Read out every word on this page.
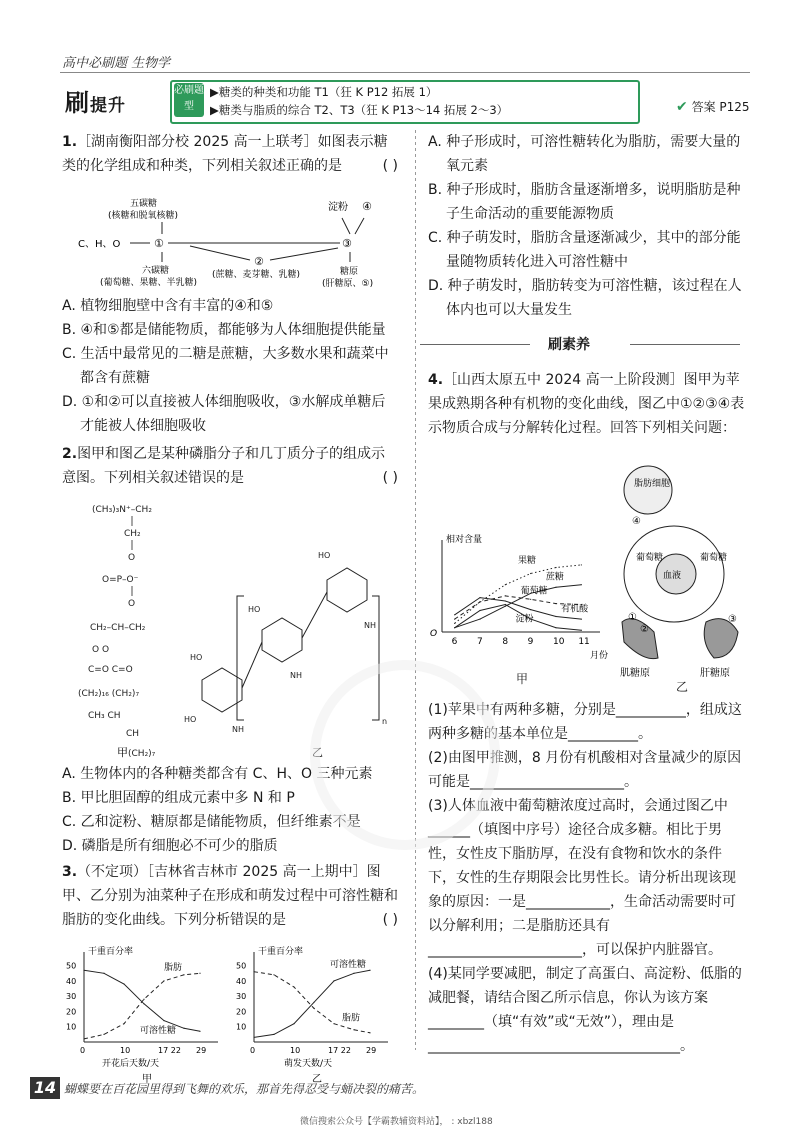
高中必刷题 生物学
刷提升
必刷题型
▶糖类的种类和功能 T1（狂 K P12 拓展 1）
▶糖类与脂质的综合 T2、T3（狂 K P13～14 拓展 2～3）	✔ 答案 P125

1.［湖南衡阳部分校 2025 高一上联考］如图表示糖类的化学组成和种类，下列相关叙述正确的是	( )

五碳糖
(核糖和脱氧核糖)
C、H、O	①
六碳糖
(葡萄糖、果糖、半乳糖)
②
(蔗糖、麦芽糖、乳糖)
③
淀粉 ④
糖原
(肝糖原、⑤)

A. 植物细胞壁中含有丰富的④和⑤

B. ④和⑤都是储能物质，都能够为人体细胞提供能量

C. 生活中最常见的二糖是蔗糖，大多数水果和蔬菜中都含有蔗糖

D. ①和②可以直接被人体细胞吸收，③水解成单糖后才能被人体细胞吸收

2.图甲和图乙是某种磷脂分子和几丁质分子的组成示意图。下列相关叙述错误的是	( )

(CH₃)₃N⁺–CH₂
CH₂
O
O=P–O⁻
O
CH₂–CH–CH₂
O O
C=O C=O
(CH₂)₁₆ (CH₂)₇
CH₃ CH
CH
(CH₂)₇
HO
HO
NH
HO
NH
HO
NH
n
甲	乙

A. 生物体内的各种糖类都含有 C、H、O 三种元素

B. 甲比胆固醇的组成元素中多 N 和 P

C. 乙和淀粉、糖原都是储能物质，但纤维素不是

D. 磷脂是所有细胞必不可少的脂质

3.（不定项）［吉林省吉林市 2025 高一上期中］图甲、乙分别为油菜种子在形成和萌发过程中可溶性糖和脂肪的变化曲线。下列分析错误的是	( )

干重百分率
10
20
30
40
50
0	10	17 22 29
脂肪
可溶性糖
开花后天数/天
甲
干重百分率
10
20
30
40
50
0	10	17 22 29
可溶性糖
脂肪
萌发天数/天
乙

A. 种子形成时，可溶性糖转化为脂肪，需要大量的氧元素

B. 种子形成时，脂肪含量逐渐增多，说明脂肪是种子生命活动的重要能源物质

C. 种子萌发时，脂肪含量逐渐减少，其中的部分能量随物质转化进入可溶性糖中

D. 种子萌发时，脂肪转变为可溶性糖，该过程在人体内也可以大量发生

刷素养

4.［山西太原五中 2024 高一上阶段测］图甲为苹果成熟期各种有机物的变化曲线，图乙中①②③④表示物质合成与分解转化过程。回答下列相关问题：

相对含量
6 7 8 9 10 11
O
果糖
蔗糖
葡萄糖
有机酸
淀粉
月份
脂肪细胞
血液
葡萄糖	葡萄糖
④
①
②
③
肌糖原	肝糖原
甲
乙

(1)苹果中有两种多糖，分别是__________，组成这两种多糖的基本单位是__________。

(2)由图甲推测，8 月份有机酸相对含量减少的原因可能是______________________。

(3)人体血液中葡萄糖浓度过高时，会通过图乙中______（填图中序号）途径合成多糖。相比于男性，女性皮下脂肪厚，在没有食物和饮水的条件下，女性的生存期限会比男性长。请分析出现该现象的原因：一是____________，生命活动需要时可以分解利用；二是脂肪还具有______________________，可以保护内脏器官。

(4)某同学要减肥，制定了高蛋白、高淀粉、低脂的减肥餐，请结合图乙所示信息，你认为该方案________（填“有效”或“无效”），理由是____________________________________。

14 蝴蝶要在百花园里得到飞舞的欢乐，那首先得忍受与蛹决裂的痛苦。
微信搜索公众号【学霸教辅资料站】， : xbzl188
